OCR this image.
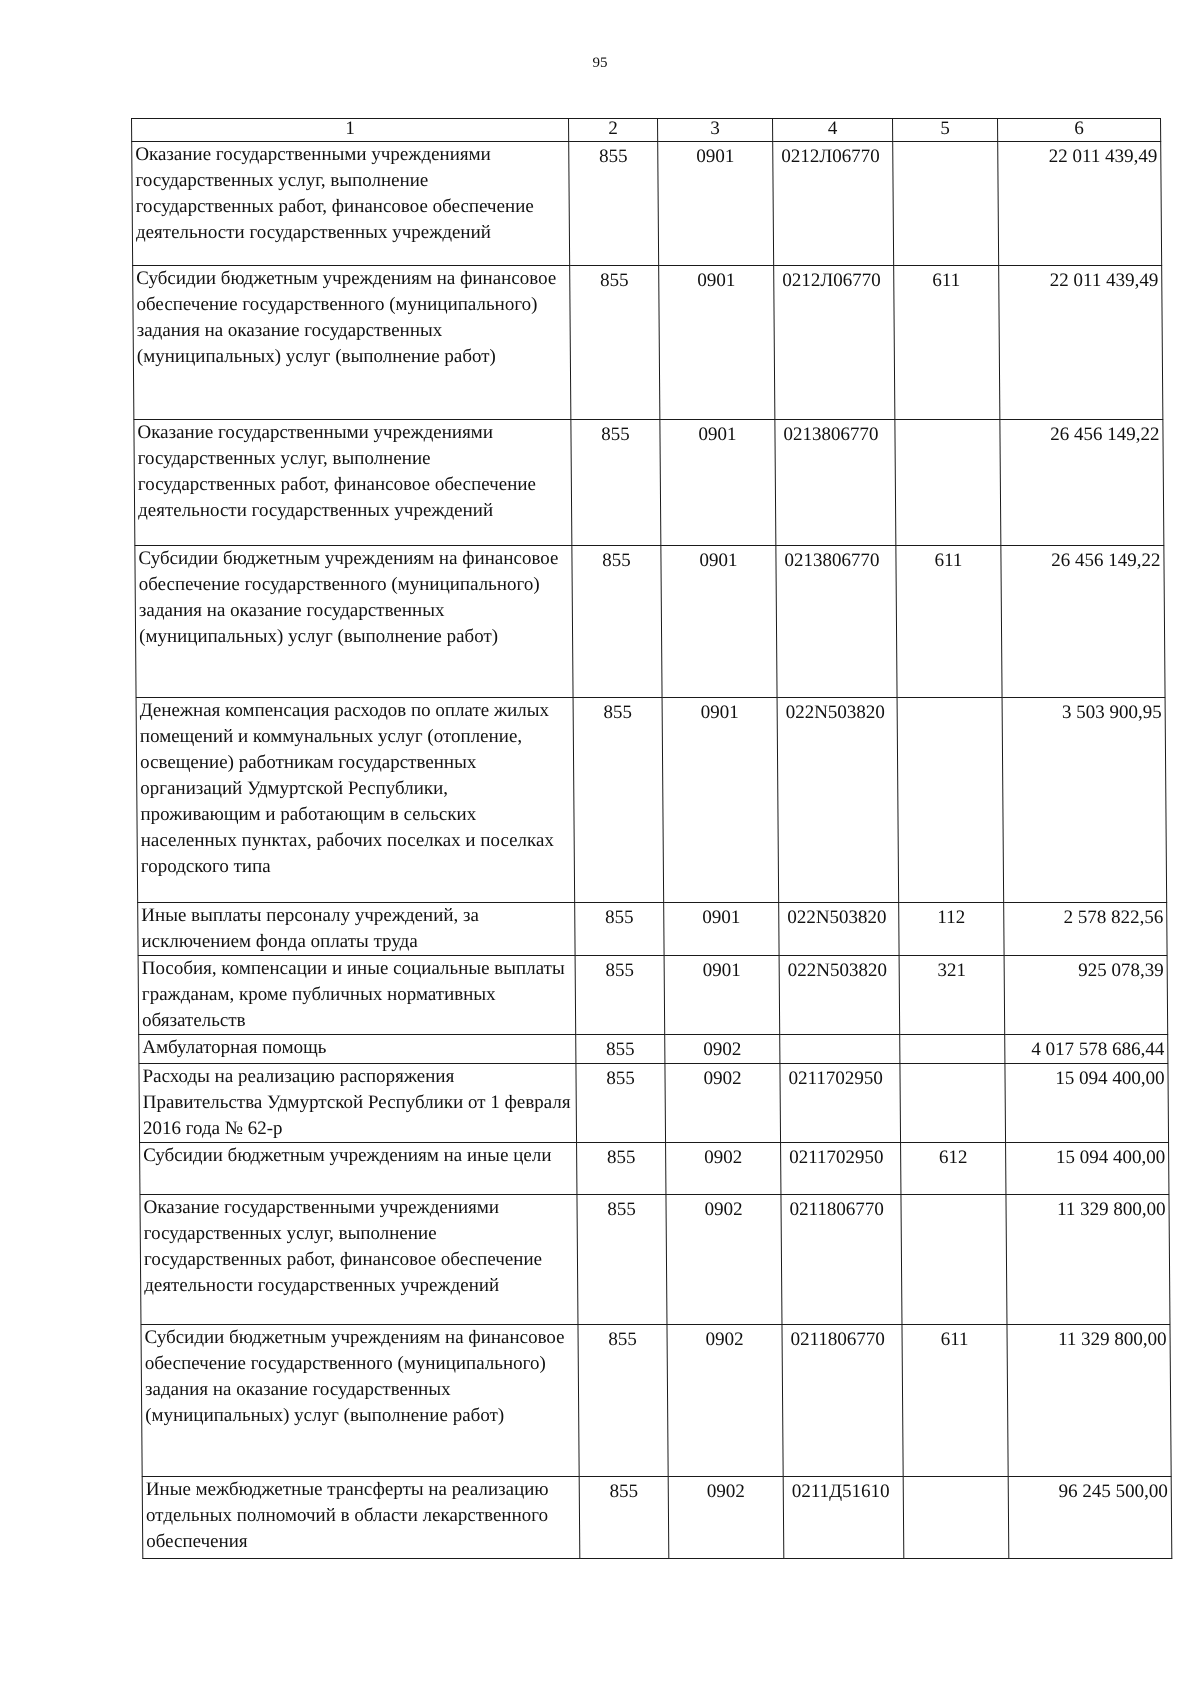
95
1	2	3	4	5	6
Оказание государственными учреждениями государственных услуг, выполнение государственных работ, финансовое обеспечение деятельности государственных учреждений	855	0901	0212Л06770		22 011 439,49
Субсидии бюджетным учреждениям на финансовое обеспечение государственного (муниципального) задания на оказание государственных (муниципальных) услуг (выполнение работ)	855	0901	0212Л06770	611	22 011 439,49
Оказание государственными учреждениями государственных услуг, выполнение государственных работ, финансовое обеспечение деятельности государственных учреждений	855	0901	0213806770		26 456 149,22
Субсидии бюджетным учреждениям на финансовое обеспечение государственного (муниципального) задания на оказание государственных (муниципальных) услуг (выполнение работ)	855	0901	0213806770	611	26 456 149,22
Денежная компенсация расходов по оплате жилых помещений и коммунальных услуг (отопление, освещение) работникам государственных организаций Удмуртской Республики, проживающим и работающим в сельских населенных пунктах, рабочих поселках и поселках городского типа	855	0901	022N503820		3 503 900,95
Иные выплаты персоналу учреждений, за исключением фонда оплаты труда	855	0901	022N503820	112	2 578 822,56
Пособия, компенсации и иные социальные выплаты гражданам, кроме публичных нормативных обязательств	855	0901	022N503820	321	925 078,39
Амбулаторная помощь	855	0902			4 017 578 686,44
Расходы на реализацию распоряжения Правительства Удмуртской Республики от 1 февраля 2016 года № 62-р	855	0902	0211702950		15 094 400,00
Субсидии бюджетным учреждениям на иные цели	855	0902	0211702950	612	15 094 400,00
Оказание государственными учреждениями государственных услуг, выполнение государственных работ, финансовое обеспечение деятельности государственных учреждений	855	0902	0211806770		11 329 800,00
Субсидии бюджетным учреждениям на финансовое обеспечение государственного (муниципального) задания на оказание государственных (муниципальных) услуг (выполнение работ)	855	0902	0211806770	611	11 329 800,00
Иные межбюджетные трансферты на реализацию отдельных полномочий в области лекарственного обеспечения	855	0902	0211Д51610		96 245 500,00
